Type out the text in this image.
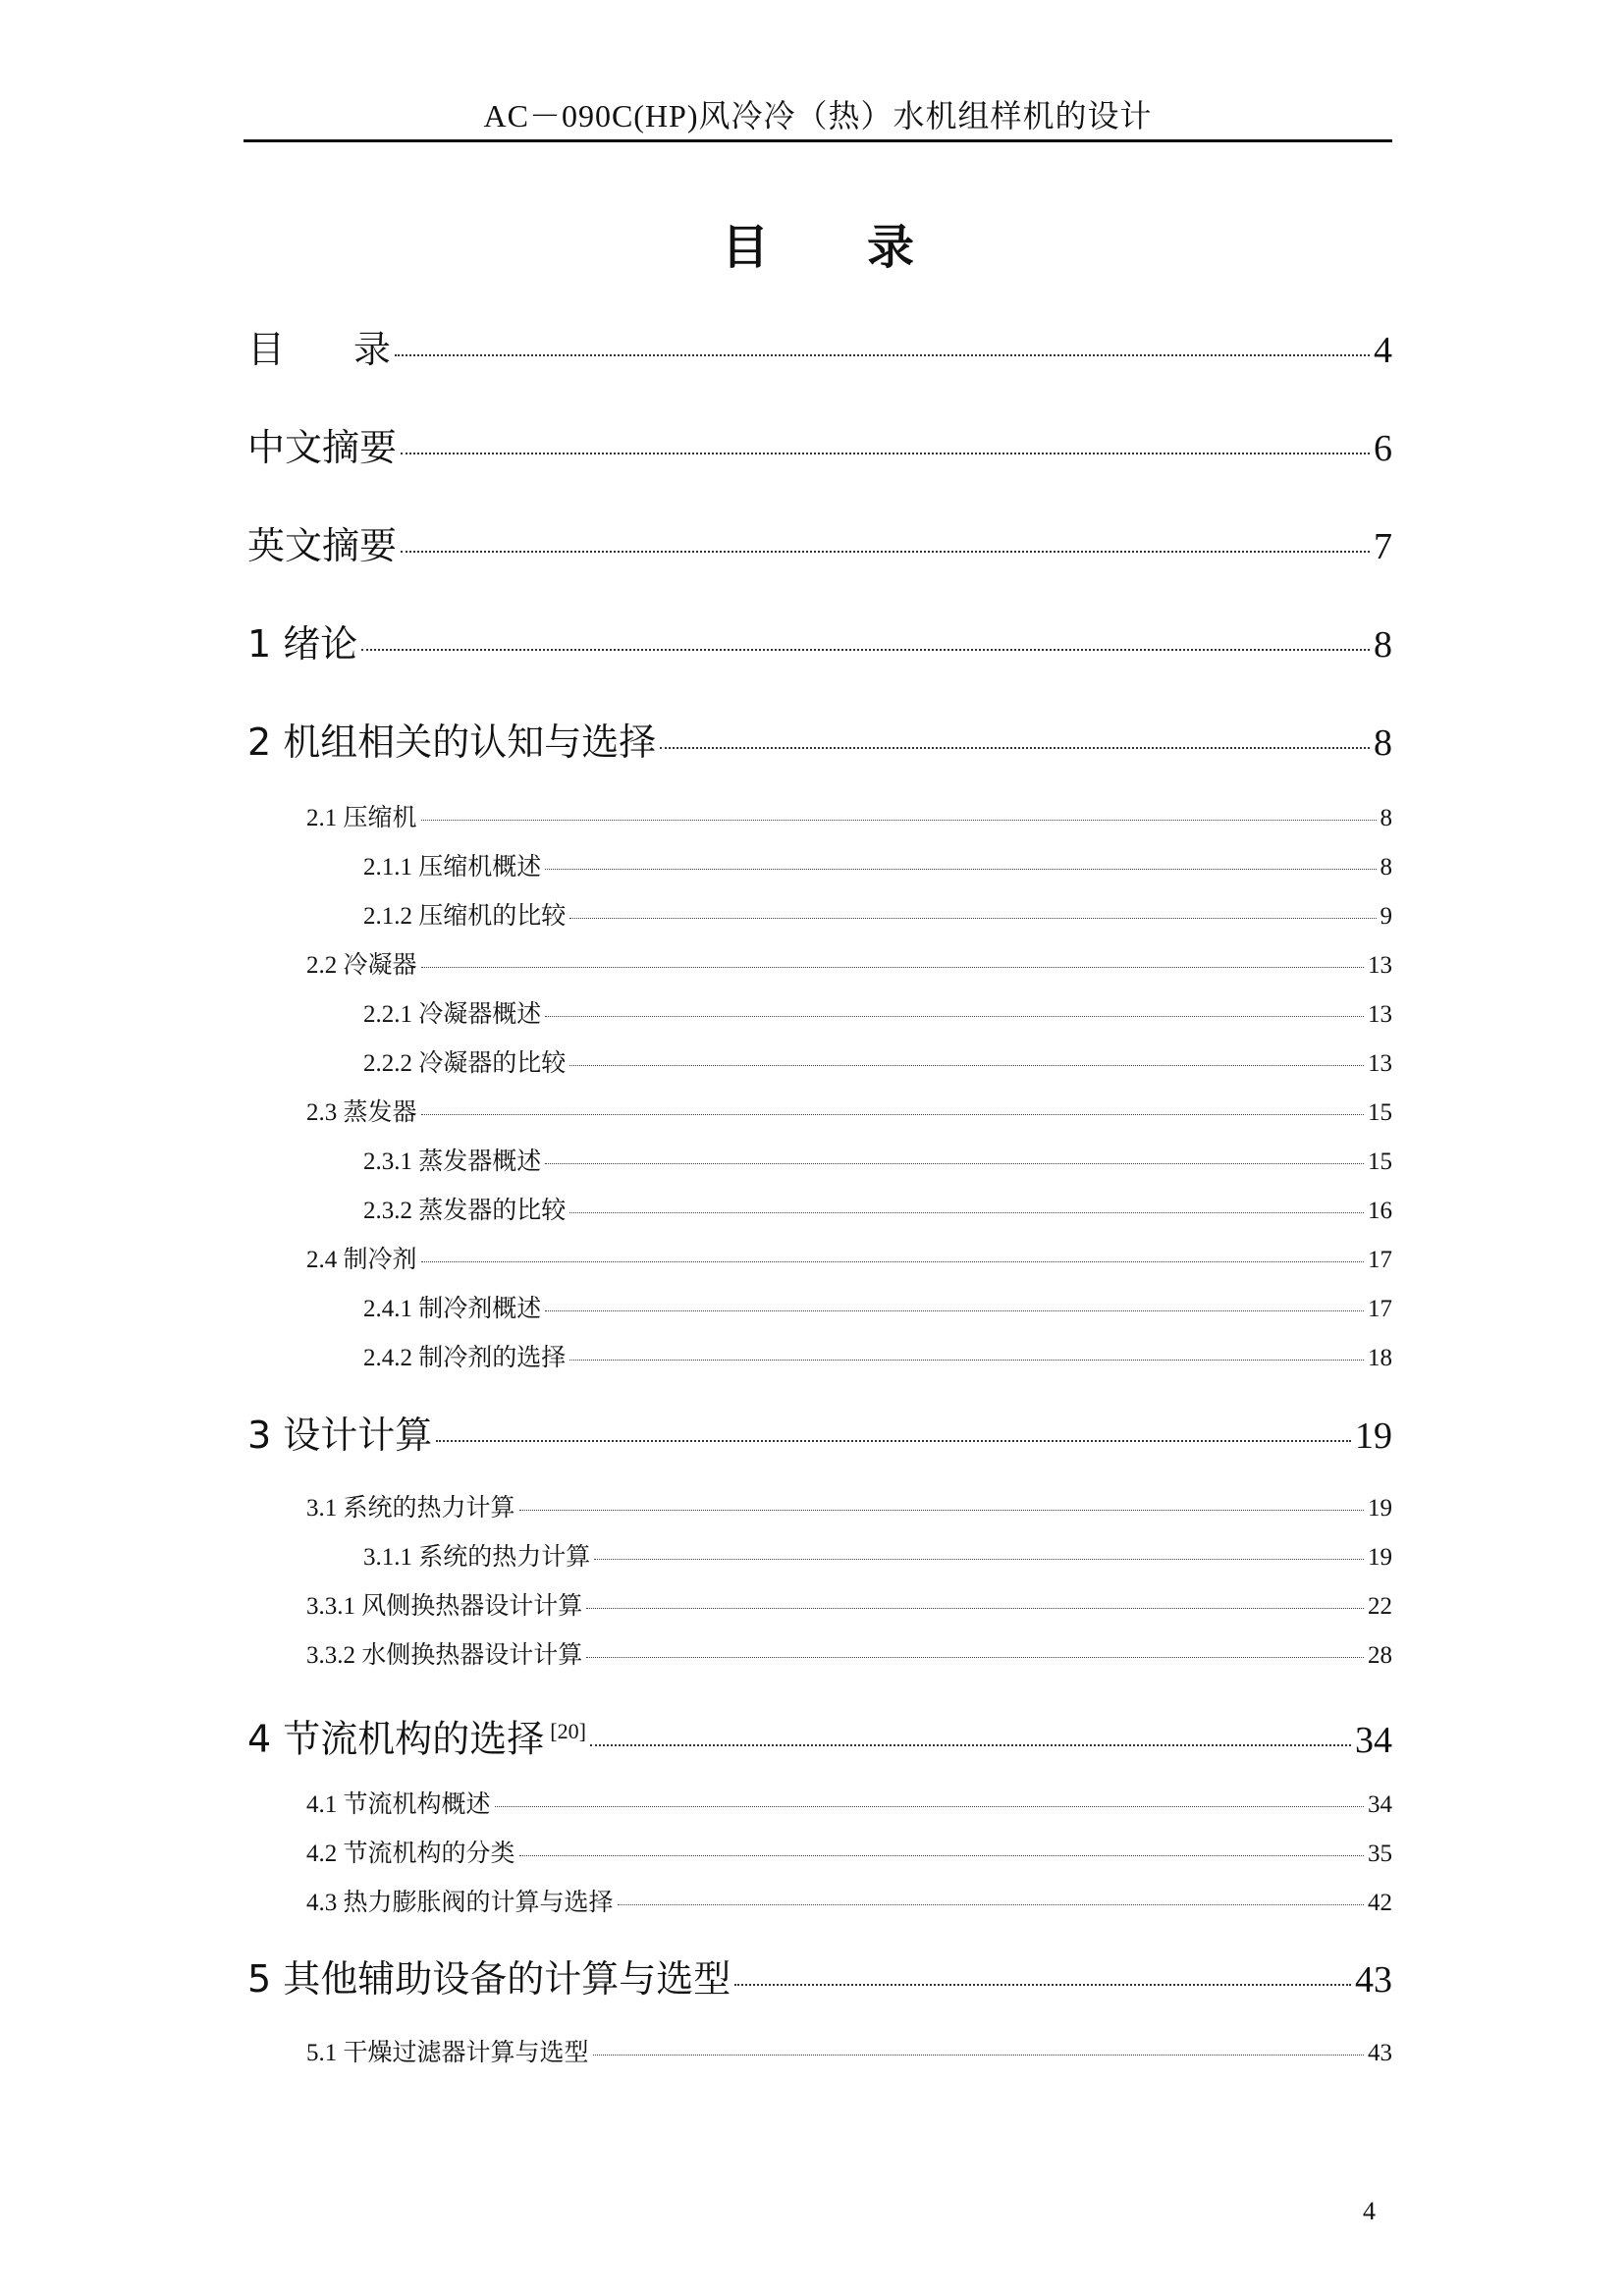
AC－090C(HP)风冷冷（热）水机组样机的设计
目 录
目 录	4
中文摘要	6
英文摘要	7
1 绪论	8
2 机组相关的认知与选择	8
2.1 压缩机	8
2.1.1 压缩机概述	8
2.1.2 压缩机的比较	9
2.2 冷凝器	13
2.2.1 冷凝器概述	13
2.2.2 冷凝器的比较	13
2.3 蒸发器	15
2.3.1 蒸发器概述	15
2.3.2 蒸发器的比较	16
2.4 制冷剂	17
2.4.1 制冷剂概述	17
2.4.2 制冷剂的选择	18
3 设计计算	19
3.1 系统的热力计算	19
3.1.1 系统的热力计算	19
3.3.1 风侧换热器设计计算	22
3.3.2 水侧换热器设计计算	28
4 节流机构的选择 [20]	34
4.1 节流机构概述	34
4.2 节流机构的分类	35
4.3 热力膨胀阀的计算与选择	42
5 其他辅助设备的计算与选型	43
5.1 干燥过滤器计算与选型	43
4
